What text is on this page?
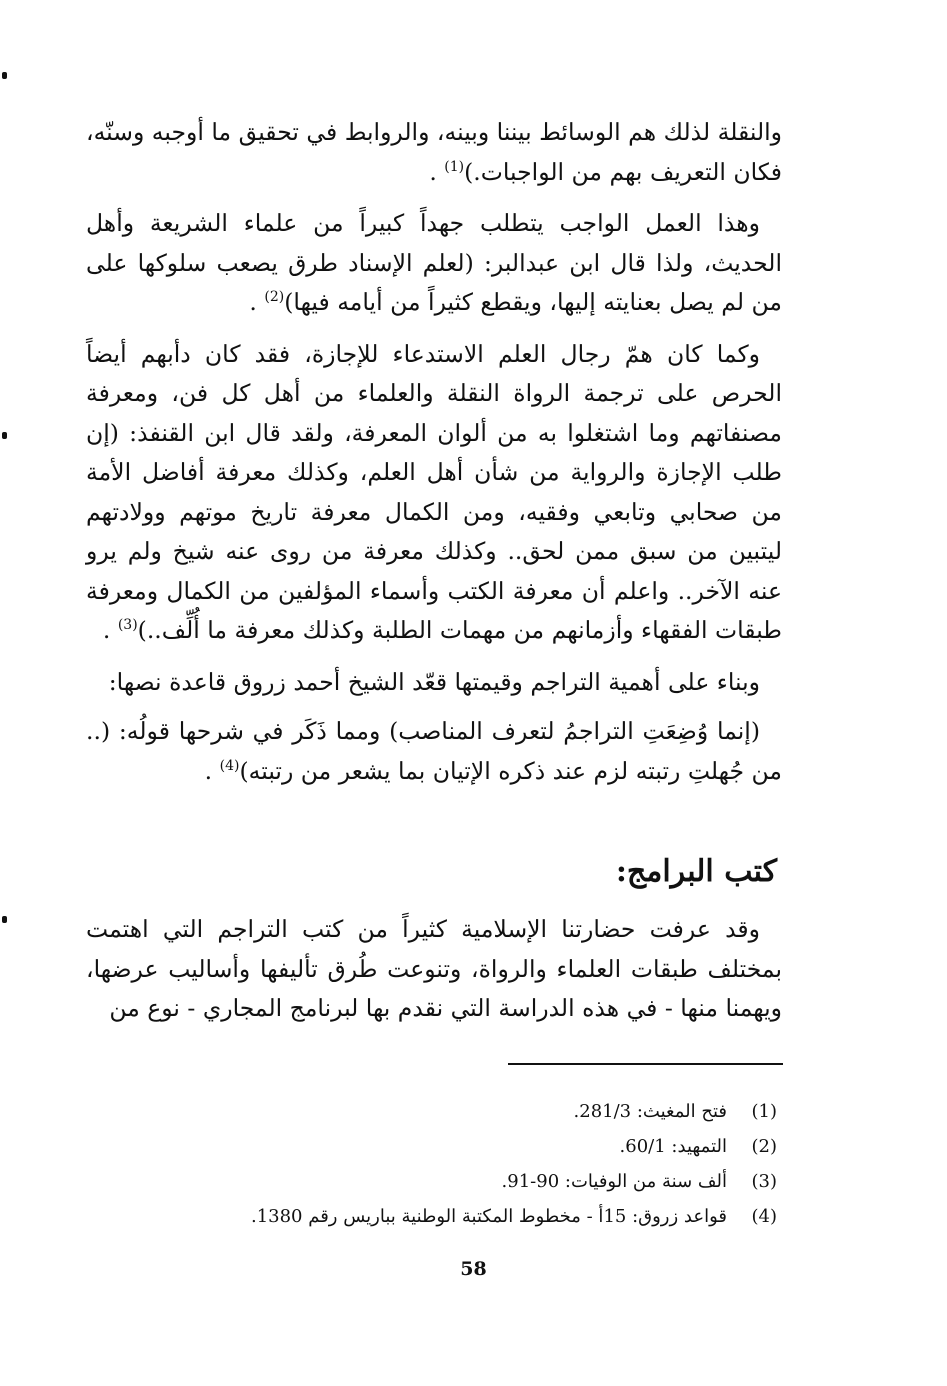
والنقلة لذلك هم الوسائط بيننا وبينه، والروابط في تحقيق ما أوجبه وسنّه، فكان التعريف بهم من الواجبات.)$^{(1)}$ .

وهذا العمل الواجب يتطلب جهداً كبيراً من علماء الشريعة وأهل الحديث، ولذا قال ابن عبدالبر: (لعلم الإسناد طرق يصعب سلوكها على من لم يصل بعنايته إليها، ويقطع كثيراً من أيامه فيها)$^{(2)}$ .

وكما كان همّ رجال العلم الاستدعاء للإجازة، فقد كان دأبهم أيضاً الحرص على ترجمة الرواة النقلة والعلماء من أهل كل فن، ومعرفة مصنفاتهم وما اشتغلوا به من ألوان المعرفة، ولقد قال ابن القنفذ: (إن طلب الإجازة والرواية من شأن أهل العلم، وكذلك معرفة أفاضل الأمة من صحابي وتابعي وفقيه، ومن الكمال معرفة تاريخ موتهم وولادتهم ليتبين من سبق ممن لحق.. وكذلك معرفة من روى عنه شيخ ولم يرو عنه الآخر.. واعلم أن معرفة الكتب وأسماء المؤلفين من الكمال ومعرفة طبقات الفقهاء وأزمانهم من مهمات الطلبة وكذلك معرفة ما أُلِّف..)$^{(3)}$ .

وبناء على أهمية التراجم وقيمتها قعّد الشيخ أحمد زروق قاعدة نصها:

(إنما وُضِعَتِ التراجمُ لتعرف المناصب) ومما ذَكَر في شرحها قولُه: (.. من جُهلتِ رتبته لزم عند ذكره الإتيان بما يشعر من رتبته)$^{(4)}$ .

كتب البرامج:

وقد عرفت حضارتنا الإسلامية كثيراً من كتب التراجم التي اهتمت بمختلف طبقات العلماء والرواة، وتنوعت طُرق تأليفها وأساليب عرضها، ويهمنا منها - في هذه الدراسة التي نقدم بها لبرنامج المجاري - نوع من

(1)فتح المغيث: 281/3.
(2)التمهيد: 60/1.
(3)ألف سنة من الوفيات: 90-91.
(4)قواعد زروق: 15أ - مخطوط المكتبة الوطنية بباريس رقم 1380.
58
